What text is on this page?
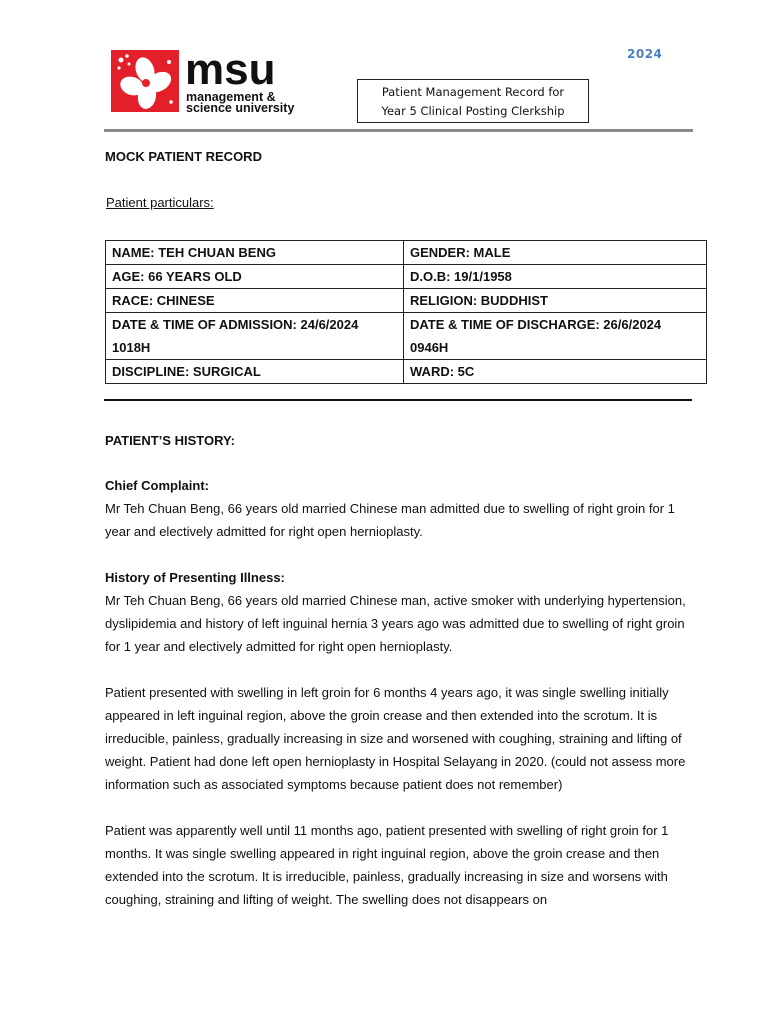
msu
management &
science university
2024
Patient Management Record for
Year 5 Clinical Posting Clerkship
MOCK PATIENT RECORD
Patient particulars:
NAME: TEH CHUAN BENG	GENDER: MALE
AGE: 66 YEARS OLD	D.O.B: 19/1/1958
RACE: CHINESE	RELIGION: BUDDHIST
DATE & TIME OF ADMISSION: 24/6/2024 1018H	DATE & TIME OF DISCHARGE: 26/6/2024 0946H
DISCIPLINE: SURGICAL	WARD: 5C
PATIENT’S HISTORY:

Chief Complaint:

Mr Teh Chuan Beng, 66 years old married Chinese man admitted due to swelling of right groin for 1 year and electively admitted for right open hernioplasty.

History of Presenting Illness:

Mr Teh Chuan Beng, 66 years old married Chinese man, active smoker with underlying hypertension, dyslipidemia and history of left inguinal hernia 3 years ago was admitted due to swelling of right groin for 1 year and electively admitted for right open hernioplasty.

Patient presented with swelling in left groin for 6 months 4 years ago, it was single swelling initially appeared in left inguinal region, above the groin crease and then extended into the scrotum. It is irreducible, painless, gradually increasing in size and worsened with coughing, straining and lifting of weight. Patient had done left open hernioplasty in Hospital Selayang in 2020. (could not assess more information such as associated symptoms because patient does not remember)

Patient was apparently well until 11 months ago, patient presented with swelling of right groin for 1 months. It was single swelling appeared in right inguinal region, above the groin crease and then extended into the scrotum. It is irreducible, painless, gradually increasing in size and worsens with coughing, straining and lifting of weight. The swelling does not disappears on
